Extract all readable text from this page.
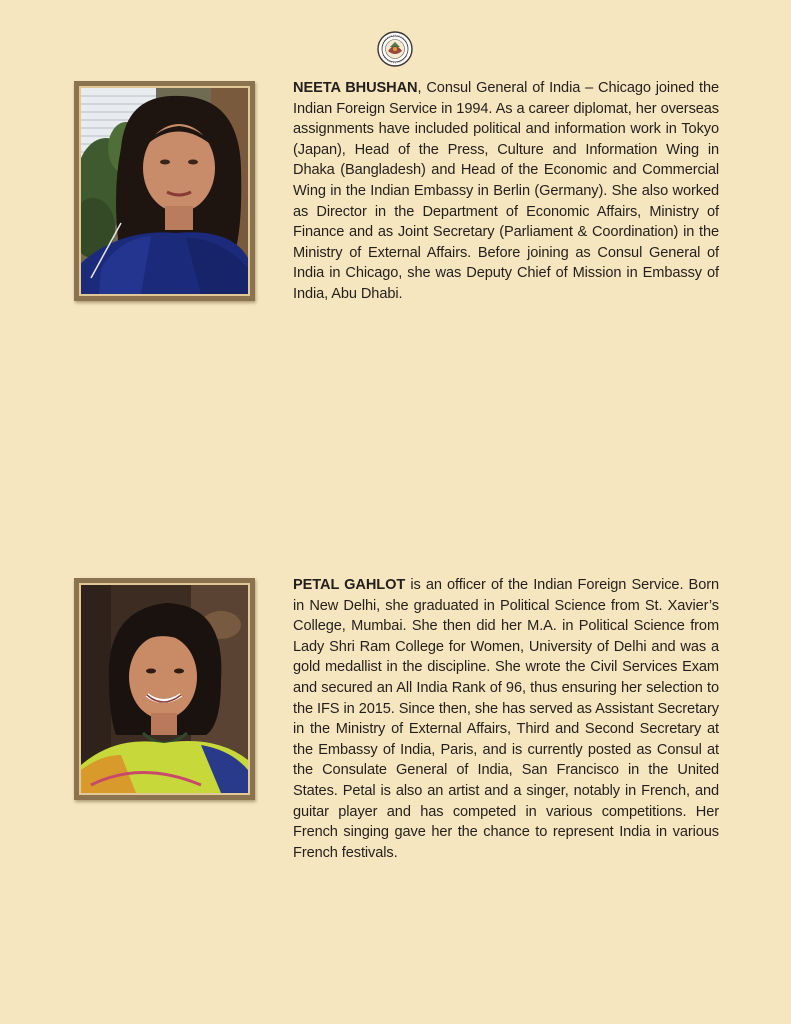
NEETA BHUSHAN, Consul General of India – Chicago joined the Indian Foreign Service in 1994. As a career diplomat, her overseas assignments have included political and information work in Tokyo (Japan), Head of the Press, Culture and Information Wing in Dhaka (Bangladesh) and Head of the Economic and Commercial Wing in the Indian Embassy in Berlin (Germany). She also worked as Director in the Department of Economic Affairs, Ministry of Finance and as Joint Secretary (Parliament & Coordination) in the Ministry of External Affairs. Before joining as Consul General of India in Chicago, she was Deputy Chief of Mission in Embassy of India, Abu Dhabi.

PETAL GAHLOT is an officer of the Indian Foreign Service. Born in New Delhi, she graduated in Political Science from St. Xavier’s College, Mumbai. She then did her M.A. in Political Science from Lady Shri Ram College for Women, University of Delhi and was a gold medallist in the discipline. She wrote the Civil Services Exam and secured an All India Rank of 96, thus ensuring her selection to the IFS in 2015. Since then, she has served as Assistant Secretary in the Ministry of External Affairs, Third and Second Secretary at the Embassy of India, Paris, and is currently posted as Consul at the Consulate General of India, San Francisco in the United States. Petal is also an artist and a singer, notably in French, and guitar player and has competed in various competitions. Her French singing gave her the chance to represent India in various French festivals.
